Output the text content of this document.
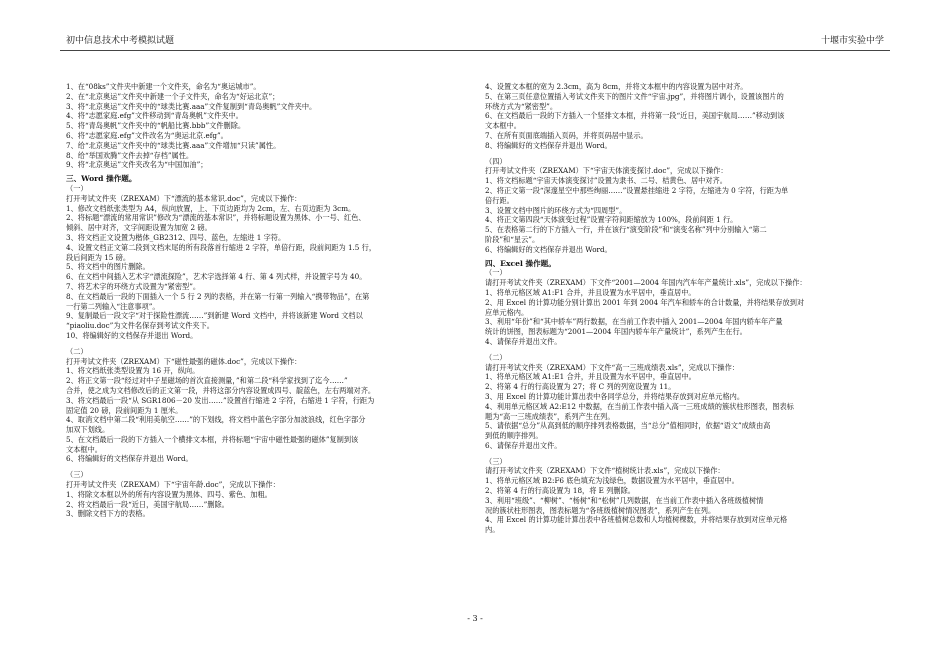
初中信息技术中考模拟试题	十堰市实验中学

1、在“08ks”文件夹中新建一个文件夹，命名为“奥运城市”。

2、在“北京奥运”文件夹中新建一个子文件夹，命名为“好运北京”；

3、将“北京奥运”文件夹中的“球类比赛.aaa”文件复制到“青岛奥帆”文件夹中。

4、将“志愿家庭.efg”文件移动到“青岛奥帆”文件夹中。

5、将“青岛奥帆”文件夹中的“帆船比赛.bbb”文件删除。

6、将“志愿家庭.efg”文件改名为“奥运北京.efg”。

7、给“北京奥运”文件夹中的“球类比赛.aaa”文件增加“只读”属性。

8、给“举国欢腾”文件去掉“存档”属性。

9、将“北京奥运”文件夹改名为“中国加油”；

三、Word 操作题。

（一）

打开考试文件夹（ZREXAM）下“漂流的基本常识.doc”，完成以下操作：

1、修改文档纸张类型为 A4，纵向放置，上、下页边距均为 2cm，左、右页边距为 3cm。

2、将标题“漂流的常用常识”修改为“漂流的基本常识”，并将标题设置为黑体、小一号、红色、

倾斜、居中对齐，文字间距设置为加宽 2 磅。

3、将文档正文设置为楷体_GB2312、四号、蓝色，左缩进 1 字符。

4、设置文档正文第二段到文档末尾的所有段落首行缩进 2 字符，单倍行距，段前间距为 1.5 行，

段后间距为 15 磅。

5、将文档中的图片删除。

6、在文档中间插入艺术字“漂流探险”，艺术字选择第 4 行、第 4 列式样，并设置字号为 40。

7、将艺术字的环绕方式设置为“紧密型”。

8、在文档最后一段的下面插入一个 5 行 2 列的表格，并在第一行第一列输入“携带物品”，在第

一行第二列输入“注意事项”。

9、复制最后一段文字“对于探险性漂流……”到新建 Word 文档中，并将该新建 Word 文档以

“piaoliu.doc”为文件名保存到考试文件夹下。

10、将编辑好的文档保存并退出 Word。

（二）

打开考试文件夹（ZREXAM）下“磁性最强的磁体.doc”，完成以下操作：

1、将文档纸张类型设置为 16 开，纵向。

2、将正文第一段“经过对中子星磁场的首次直接测量，”和第二段“科学家找到了迄今……”

合并，使之成为文档修改后的正文第一段，并将这部分内容设置成四号、靛蓝色，左右两端对齐。

3、将文档最后一段“从 SGR1806－20 发出……”设置首行缩进 2 字符，右缩进 1 字符，行距为

固定值 20 磅，段前间距为 1 厘米。

4、取消文档中第二段“利用美航空……”的下划线，将文档中蓝色字部分加波浪线，红色字部分

加双下划线。

5、在文档最后一段的下方插入一个横排文本框，并将标题“宇宙中磁性最强的磁体”复制到该

文本框中。

6、将编辑好的文档保存并退出 Word。

（三）

打开考试文件夹（ZREXAM）下“宇宙年龄.doc”，完成以下操作：

1、将除文本框以外的所有内容设置为黑体、四号、紫色、加粗。

2、将文档最后一段“近日，美国宇航局……”删除。

3、删除文档下方的表格。

4、设置文本框的宽为 2.3cm，高为 8cm，并将文本框中的内容设置为居中对齐。

5、在第三页任意位置插入考试文件夹下的图片文件“宇宙.jpg”，并将图片调小，设置该图片的

环绕方式为“紧密型”。

6、在文档最后一段的下方插入一个竖排文本框，并将第一段“近日，美国宇航局……”移动到该

文本框中。

7、在所有页面底端插入页码，并将页码居中显示。

8、将编辑好的文档保存并退出 Word。

（四）

打开考试文件夹（ZREXAM）下“宇宙天体演变探讨.doc”，完成以下操作：

1、将文档标题“宇宙天体演变探讨”设置为隶书、二号、桔黄色、居中对齐。

2、将正文第一段“深邃星空中那些绚丽……”设置悬挂缩进 2 字符，左缩进为 0 字符，行距为单

倍行距。

3、设置文档中图片的环绕方式为“四周型”。

4、将正文第四段“天体演变过程”设置字符间距缩放为 100%，段前间距 1 行。

5、在表格第二行的下方插入一行，并在该行“演变阶段”和“演变名称”列中分别输入“第二

阶段”和“星云”。

6、将编辑好的文档保存并退出 Word。

四、Excel 操作题。

（一）

请打开考试文件夹（ZREXAM）下文件“2001—2004 年国内汽车年产量统计.xls”，完成以下操作：

1、将单元格区域 A1:F1 合并，并且设置为水平居中，垂直居中。

2、用 Excel 的计算功能分别计算出 2001 年到 2004 年汽车和轿车的合计数量，并将结果存放到对

应单元格内。

3、利用“年份”和“其中轿车”两行数据，在当前工作表中插入 2001—2004 年国内轿车年产量

统计的饼图，图表标题为“2001—2004 年国内轿车年产量统计”，系列产生在行。

4、请保存并退出文件。

（二）

请打开考试文件夹（ZREXAM）下文件“高一三班成绩表.xls”，完成以下操作：

1、将单元格区域 A1:E1 合并，并且设置为水平居中，垂直居中。

2、将第 4 行的行高设置为 27；将 C 列的列宽设置为 11。

3、用 Excel 的计算功能计算出表中各同学总分，并将结果存放到对应单元格内。

4、利用单元格区域 A2:E12 中数据，在当前工作表中插入高一三班成绩的簇状柱形图表，图表标

题为“高一三班成绩表”，系列产生在列。

5、请依据“总分”从高到低的顺序排列表格数据，当“总分”值相同时，依据“语文”成绩由高

到低的顺序排列。

6、请保存并退出文件。

（三）

请打开考试文件夹（ZREXAM）下文件“植树统计表.xls”，完成以下操作：

1、将单元格区域 B2:F6 底色填充为浅绿色，数据设置为水平居中，垂直居中。

2、将第 4 行的行高设置为 18，将 E 列删除。

3、利用“班级”、“柳树”、“杨树”和“松树”几列数据，在当前工作表中插入各班级植树情

况的簇状柱形图表，图表标题为“各班级植树情况图表”，系列产生在列。

4、用 Excel 的计算功能计算出表中各班植树总数和人均植树棵数，并将结果存放到对应单元格

内。

- 3 -
